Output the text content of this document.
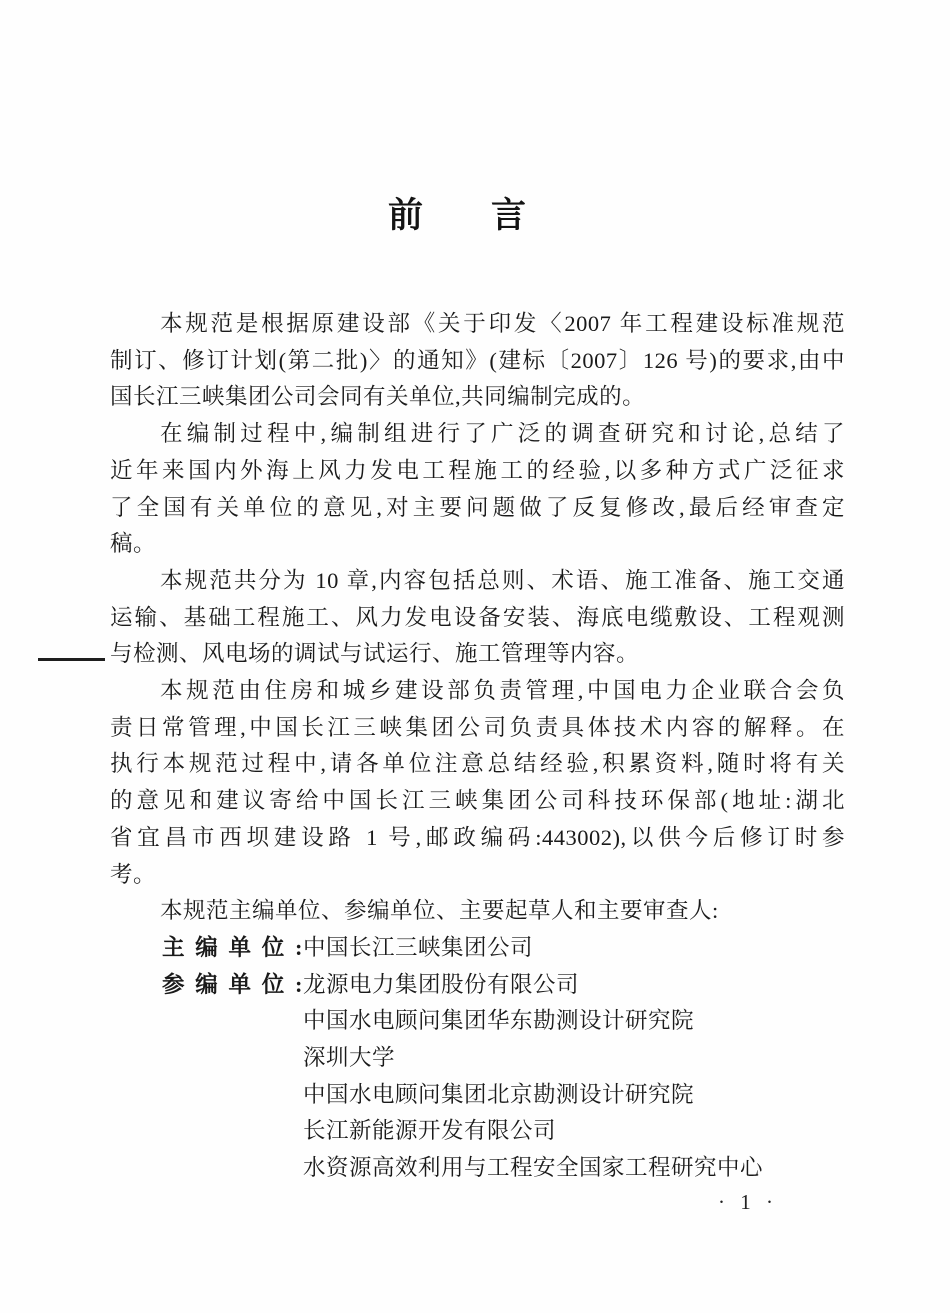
前言
本规范是根据原建设部《关于印发〈2007 年工程建设标准规范
制订、修订计划(第二批)〉的通知》(建标〔2007〕126 号)的要求,由中
国长江三峡集团公司会同有关单位,共同编制完成的。
在编制过程中,编制组进行了广泛的调查研究和讨论,总结了
近年来国内外海上风力发电工程施工的经验,以多种方式广泛征求
了全国有关单位的意见,对主要问题做了反复修改,最后经审查定
稿。
本规范共分为 10 章,内容包括总则、术语、施工准备、施工交通
运输、基础工程施工、风力发电设备安装、海底电缆敷设、工程观测
与检测、风电场的调试与试运行、施工管理等内容。
本规范由住房和城乡建设部负责管理,中国电力企业联合会负
责日常管理,中国长江三峡集团公司负责具体技术内容的解释。在
执行本规范过程中,请各单位注意总结经验,积累资料,随时将有关
的意见和建议寄给中国长江三峡集团公司科技环保部(地址:湖北
省宜昌市西坝建设路 1 号,邮政编码:443002),以供今后修订时参
考。
本规范主编单位、参编单位、主要起草人和主要审查人:
主编单位: 中国长江三峡集团公司
参编单位: 龙源电力集团股份有限公司
中国水电顾问集团华东勘测设计研究院
深圳大学
中国水电顾问集团北京勘测设计研究院
长江新能源开发有限公司
水资源高效利用与工程安全国家工程研究中心
· 1 ·
